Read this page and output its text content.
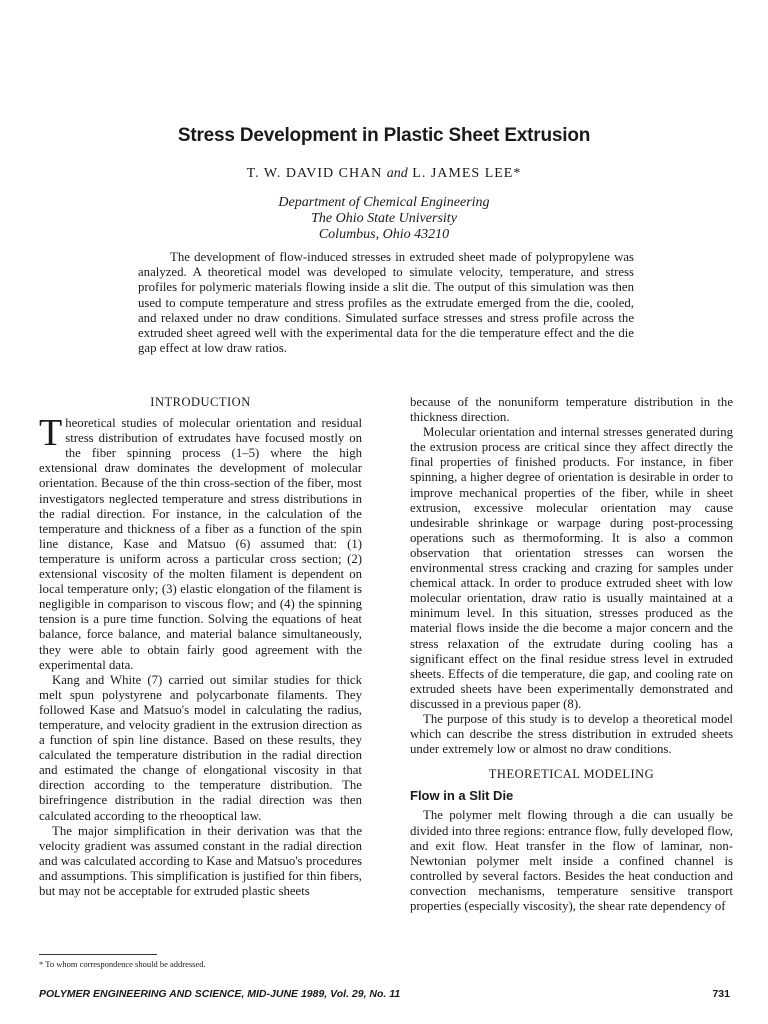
Stress Development in Plastic Sheet Extrusion
T. W. DAVID CHAN and L. JAMES LEE*
Department of Chemical Engineering
The Ohio State University
Columbus, Ohio 43210
The development of flow-induced stresses in extruded sheet made of polypropylene was analyzed. A theoretical model was developed to simulate velocity, temperature, and stress profiles for polymeric materials flowing inside a slit die. The output of this simulation was then used to compute temperature and stress profiles as the extrudate emerged from the die, cooled, and relaxed under no draw conditions. Simulated surface stresses and stress profile across the extruded sheet agreed well with the experimental data for the die temperature effect and the die gap effect at low draw ratios.
INTRODUCTION

Theoretical studies of molecular orientation and residual stress distribution of extrudates have focused mostly on the fiber spinning process (1–5) where the high extensional draw dominates the development of molecular orientation. Because of the thin cross-section of the fiber, most investigators neglected temperature and stress distributions in the radial direction. For instance, in the calculation of the temperature and thickness of a fiber as a function of the spin line distance, Kase and Matsuo (6) assumed that: (1) temperature is uniform across a particular cross section; (2) extensional viscosity of the molten filament is dependent on local temperature only; (3) elastic elongation of the filament is negligible in comparison to viscous flow; and (4) the spinning tension is a pure time function. Solving the equations of heat balance, force balance, and material balance simultaneously, they were able to obtain fairly good agreement with the experimental data.

Kang and White (7) carried out similar studies for thick melt spun polystyrene and polycarbonate filaments. They followed Kase and Matsuo's model in calculating the radius, temperature, and velocity gradient in the extrusion direction as a function of spin line distance. Based on these results, they calculated the temperature distribution in the radial direction and estimated the change of elongational viscosity in that direction according to the temperature distribution. The birefringence distribution in the radial direction was then calculated according to the rheooptical law.

The major simplification in their derivation was that the velocity gradient was assumed constant in the radial direction and was calculated according to Kase and Matsuo's procedures and assumptions. This simplification is justified for thin fibers, but may not be acceptable for extruded plastic sheets

because of the nonuniform temperature distribution in the thickness direction.

Molecular orientation and internal stresses generated during the extrusion process are critical since they affect directly the final properties of finished products. For instance, in fiber spinning, a higher degree of orientation is desirable in order to improve mechanical properties of the fiber, while in sheet extrusion, excessive molecular orientation may cause undesirable shrinkage or warpage during post-processing operations such as thermoforming. It is also a common observation that orientation stresses can worsen the environmental stress cracking and crazing for samples under chemical attack. In order to produce extruded sheet with low molecular orientation, draw ratio is usually maintained at a minimum level. In this situation, stresses produced as the material flows inside the die become a major concern and the stress relaxation of the extrudate during cooling has a significant effect on the final residue stress level in extruded sheets. Effects of die temperature, die gap, and cooling rate on extruded sheets have been experimentally demonstrated and discussed in a previous paper (8).

The purpose of this study is to develop a theoretical model which can describe the stress distribution in extruded sheets under extremely low or almost no draw conditions.

THEORETICAL MODELING
Flow in a Slit Die

The polymer melt flowing through a die can usually be divided into three regions: entrance flow, fully developed flow, and exit flow. Heat transfer in the flow of laminar, non-Newtonian polymer melt inside a confined channel is controlled by several factors. Besides the heat conduction and convection mechanisms, temperature sensitive transport properties (especially viscosity), the shear rate dependency of

* To whom correspondence should be addressed.
POLYMER ENGINEERING AND SCIENCE, MID-JUNE 1989, Vol. 29, No. 11	731
